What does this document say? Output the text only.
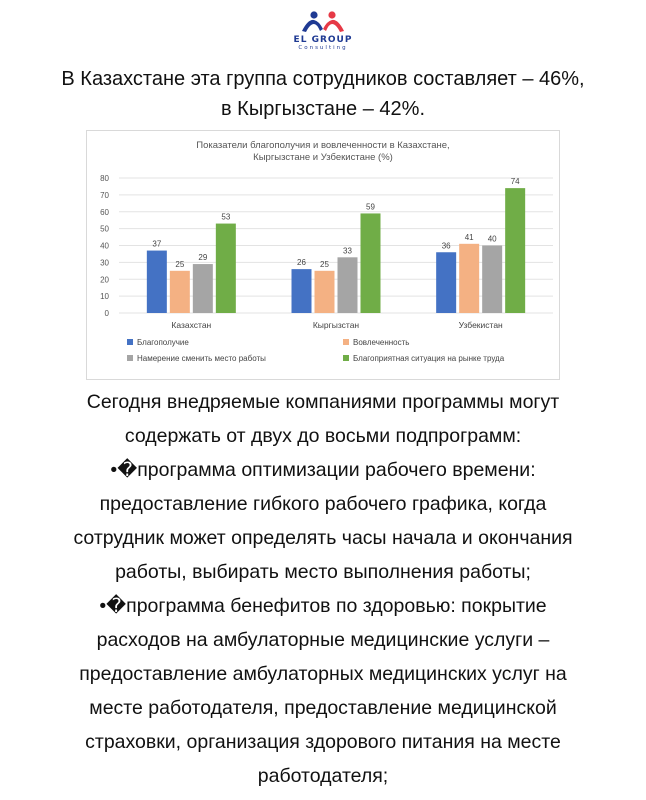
EL GROUP
Consulting
В Казахстане эта группа сотрудников составляет – 46%,
в Кыргызстане – 42%.
Показатели благополучия и вовлеченности в Казахстане,
Кыргызстане и Узбекистане (%)
0
10
20
30
40
50
60
70
80
37
25
29
53
Казахстан
26 25
33
59
Кыргызстан
36
41 40
74
Узбекистан
Благополучие	Вовлеченность
Намерение сменить место работы	Благоприятная ситуация на рынке труда

Сегодня внедряемые компаниями программы могут

содержать от двух до восьми подпрограмм:

•�программа оптимизации рабочего времени:

предоставление гибкого рабочего графика, когда

сотрудник может определять часы начала и окончания

работы, выбирать место выполнения работы;

•�программа бенефитов по здоровью: покрытие

расходов на амбулаторные медицинские услуги –

предоставление амбулаторных медицинских услуг на

месте работодателя, предоставление медицинской

страховки, организация здорового питания на месте

работодателя;
